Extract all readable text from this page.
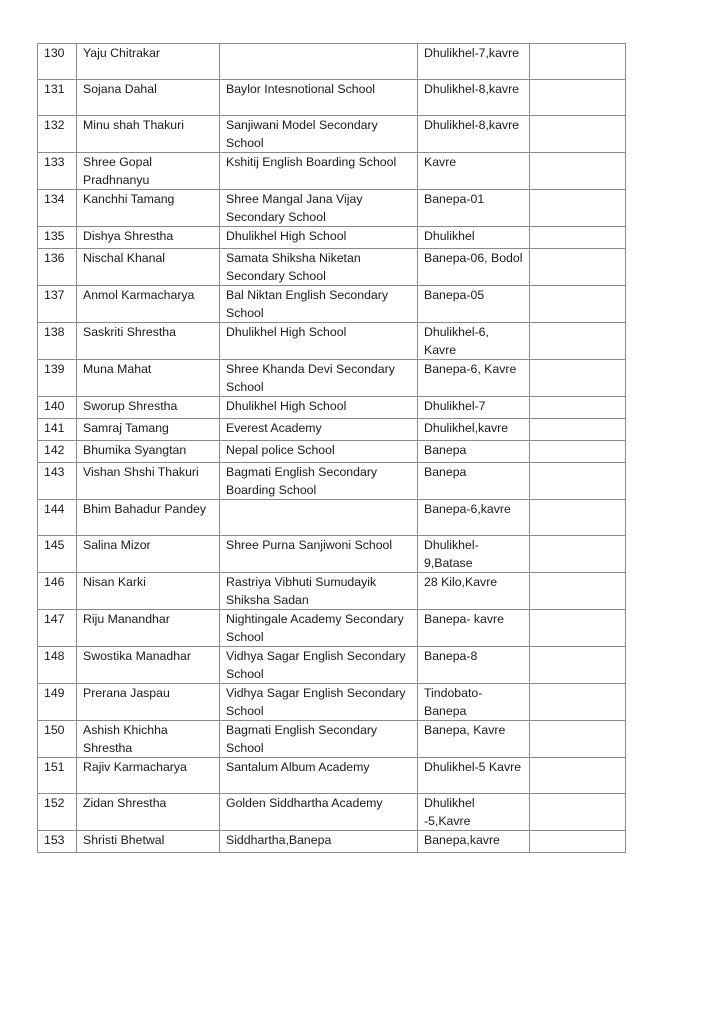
130	Yaju Chitrakar		Dhulikhel-7,kavre	
131	Sojana Dahal	Baylor Intesnotional School	Dhulikhel-8,kavre	
132	Minu shah Thakuri	Sanjiwani Model Secondary School	Dhulikhel-8,kavre	
133	Shree Gopal Pradhnanyu	Kshitij English Boarding School	Kavre	
134	Kanchhi Tamang	Shree Mangal Jana Vijay Secondary School	Banepa-01	
135	Dishya Shrestha	Dhulikhel High School	Dhulikhel	
136	Nischal Khanal	Samata Shiksha Niketan Secondary School	Banepa-06, Bodol	
137	Anmol Karmacharya	Bal Niktan English Secondary School	Banepa-05	
138	Saskriti Shrestha	Dhulikhel High School	Dhulikhel-6, Kavre	
139	Muna Mahat	Shree Khanda Devi Secondary School	Banepa-6, Kavre	
140	Sworup Shrestha	Dhulikhel High School	Dhulikhel-7	
141	Samraj Tamang	Everest Academy	Dhulikhel,kavre	
142	Bhumika Syangtan	Nepal police School	Banepa	
143	Vishan Shshi Thakuri	Bagmati English Secondary Boarding School	Banepa	
144	Bhim Bahadur Pandey		Banepa-6,kavre	
145	Salina Mizor	Shree Purna Sanjiwoni School	Dhulikhel-9,Batase	
146	Nisan Karki	Rastriya Vibhuti Sumudayik Shiksha Sadan	28 Kilo,Kavre	
147	Riju Manandhar	Nightingale Academy Secondary School	Banepa- kavre	
148	Swostika Manadhar	Vidhya Sagar English Secondary School	Banepa-8	
149	Prerana Jaspau	Vidhya Sagar English Secondary School	Tindobato-Banepa	
150	Ashish Khichha Shrestha	Bagmati English Secondary School	Banepa, Kavre	
151	Rajiv Karmacharya	Santalum Album Academy	Dhulikhel-5 Kavre	
152	Zidan Shrestha	Golden Siddhartha Academy	Dhulikhel -5,Kavre	
153	Shristi Bhetwal	Siddhartha,Banepa	Banepa,kavre	
